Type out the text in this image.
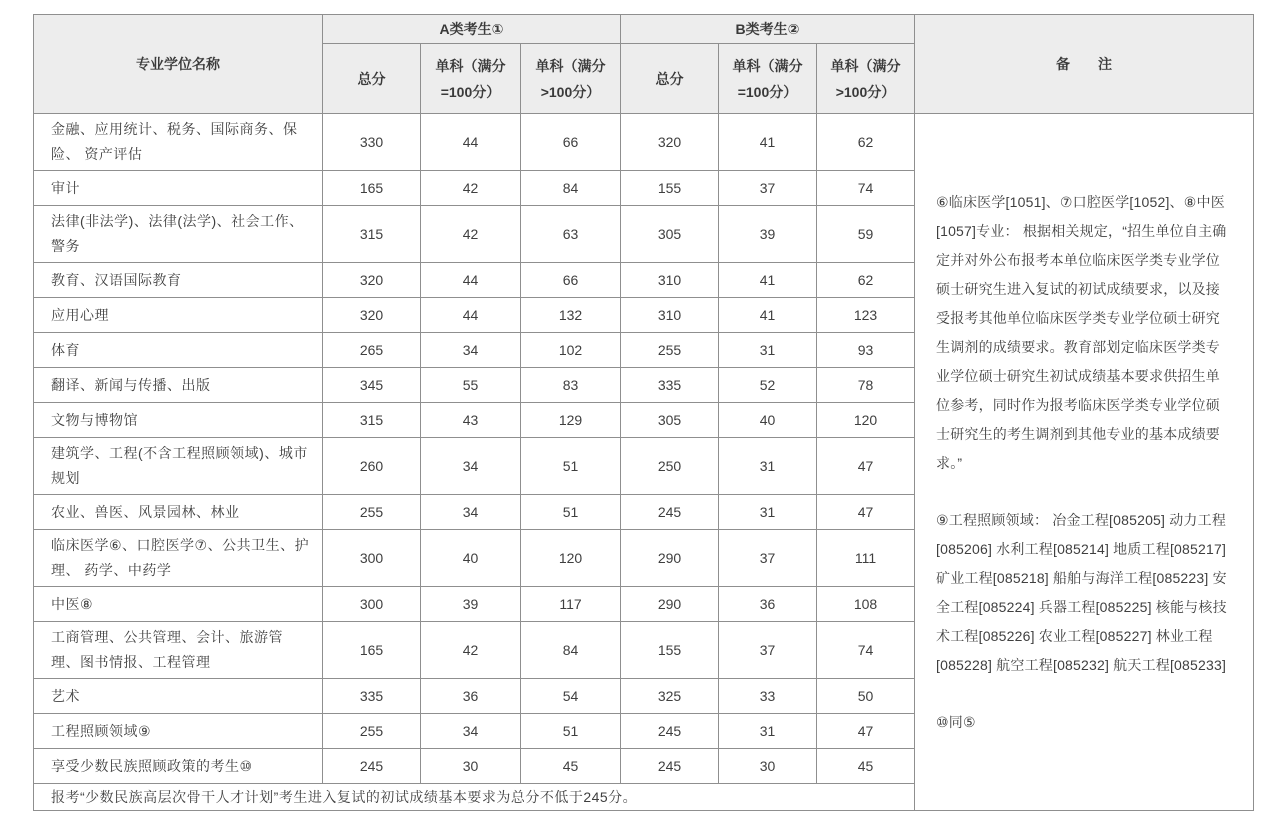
专业学位名称	A类考生①			B类考生②			备　　注
	总分	单科（满分=100分）	单科（满分>100分）	总分	单科（满分=100分）	单科（满分>100分）	
金融、应用统计、税务、国际商务、保险、 资产评估	330	44	66	320	41	62	⑥临床医学[1051]、⑦口腔医学[1052]、⑧中医[1057]专业： 根据相关规定，“招生单位自主确定并对外公布报考本单位临床医学类专业学位硕士研究生进入复试的初试成绩要求，以及接受报考其他单位临床医学类专业学位硕士研究生调剂的成绩要求。教育部划定临床医学类专业学位硕士研究生初试成绩基本要求供招生单位参考，同时作为报考临床医学类专业学位硕士研究生的考生调剂到其他专业的基本成绩要求。”
⑨工程照顾领域： 冶金工程[085205] 动力工程[085206] 水利工程[085214] 地质工程[085217] 矿业工程[085218] 船舶与海洋工程[085223] 安全工程[085224] 兵器工程[085225] 核能与核技术工程[085226] 农业工程[085227] 林业工程[085228] 航空工程[085232] 航天工程[085233]
⑩同⑤

审计	165	42	84	155	37	74	
法律(非法学)、法律(法学)、社会工作、警务	315	42	63	305	39	59	
教育、汉语国际教育	320	44	66	310	41	62	
应用心理	320	44	132	310	41	123	
体育	265	34	102	255	31	93	
翻译、新闻与传播、出版	345	55	83	335	52	78	
文物与博物馆	315	43	129	305	40	120	
建筑学、工程(不含工程照顾领域)、城市规划	260	34	51	250	31	47	
农业、兽医、风景园林、林业	255	34	51	245	31	47	
临床医学⑥、口腔医学⑦、公共卫生、护理、 药学、中药学	300	40	120	290	37	111	
中医⑧	300	39	117	290	36	108	
工商管理、公共管理、会计、旅游管理、图书情报、工程管理	165	42	84	155	37	74	
艺术	335	36	54	325	33	50	
工程照顾领域⑨	255	34	51	245	31	47	
享受少数民族照顾政策的考生⑩	245	30	45	245	30	45	
报考“少数民族高层次骨干人才计划”考生进入复试的初试成绩基本要求为总分不低于245分。							
